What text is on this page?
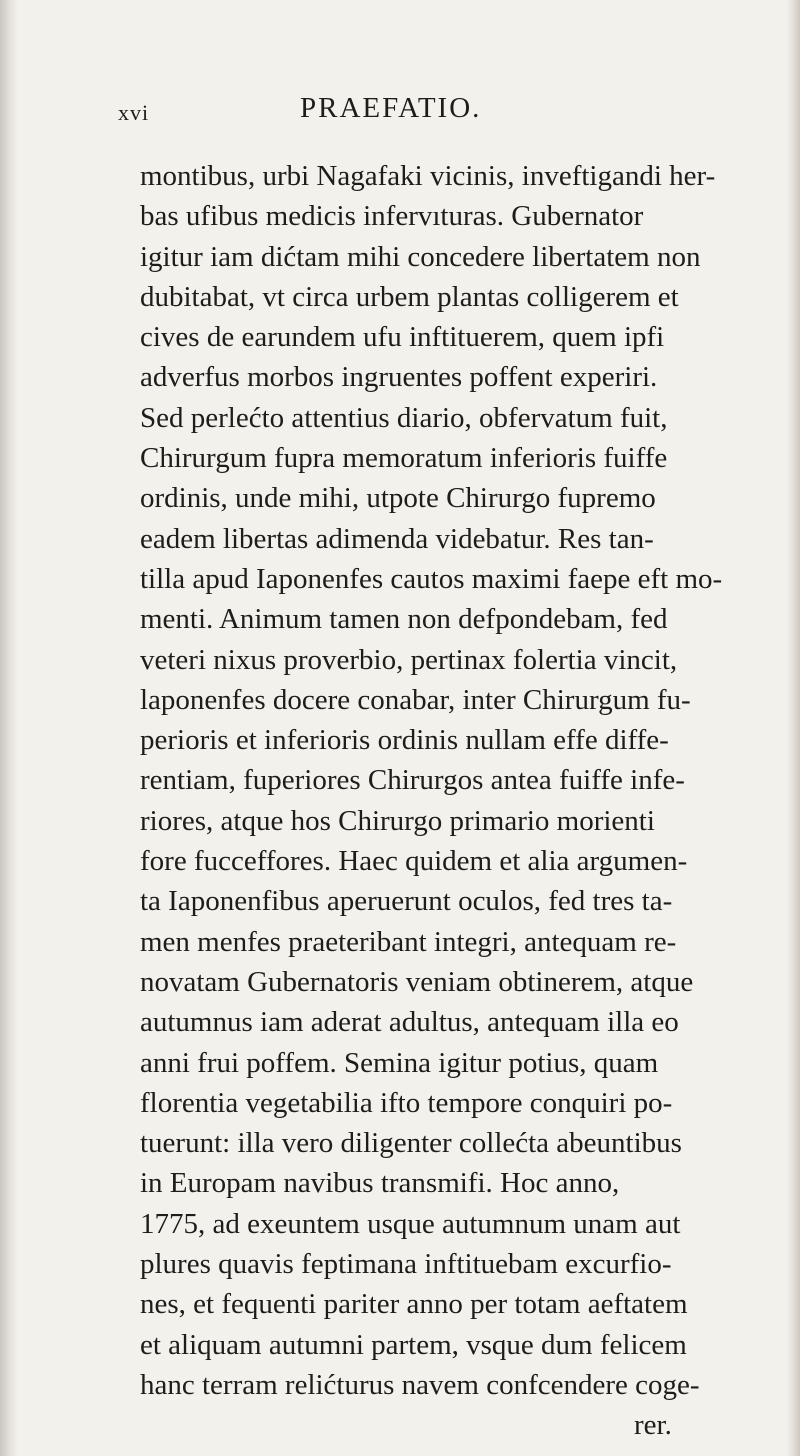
xvi	PRAEFATIO.
montibus, urbi Nagafaki vicinis, inveftigandi her-
bas ufibus medicis infervıturas. Gubernator
igitur iam dićtam mihi concedere libertatem non
dubitabat, vt circa urbem plantas colligerem et
cives de earundem ufu inftituerem, quem ipfi
adverfus morbos ingruentes poffent experiri.
Sed perlećto attentius diario, obfervatum fuit,
Chirurgum fupra memoratum inferioris fuiffe
ordinis, unde mihi, utpote Chirurgo fupremo
eadem libertas adimenda videbatur. Res tan-
tilla apud Iaponenfes cautos maximi faepe eft mo-
menti. Animum tamen non defpondebam, fed
veteri nixus proverbio, pertinax folertia vincit,
laponenfes docere conabar, inter Chirurgum fu-
perioris et inferioris ordinis nullam effe diffe-
rentiam, fuperiores Chirurgos antea fuiffe infe-
riores, atque hos Chirurgo primario morienti
fore fucceffores. Haec quidem et alia argumen-
ta Iaponenfibus aperuerunt oculos, fed tres ta-
men menfes praeteribant integri, antequam re-
novatam Gubernatoris veniam obtinerem, atque
autumnus iam aderat adultus, antequam illa eo
anni frui poffem. Semina igitur potius, quam
florentia vegetabilia ifto tempore conquiri po-
tuerunt: illa vero diligenter collećta abeuntibus
in Europam navibus transmifi. Hoc anno,
1775, ad exeuntem usque autumnum unam aut
plures quavis feptimana inftituebam excurfio-
nes, et fequenti pariter anno per totam aeftatem
et aliquam autumni partem, vsque dum felicem
hanc terram relićturus navem confcendere coge-
rer.
